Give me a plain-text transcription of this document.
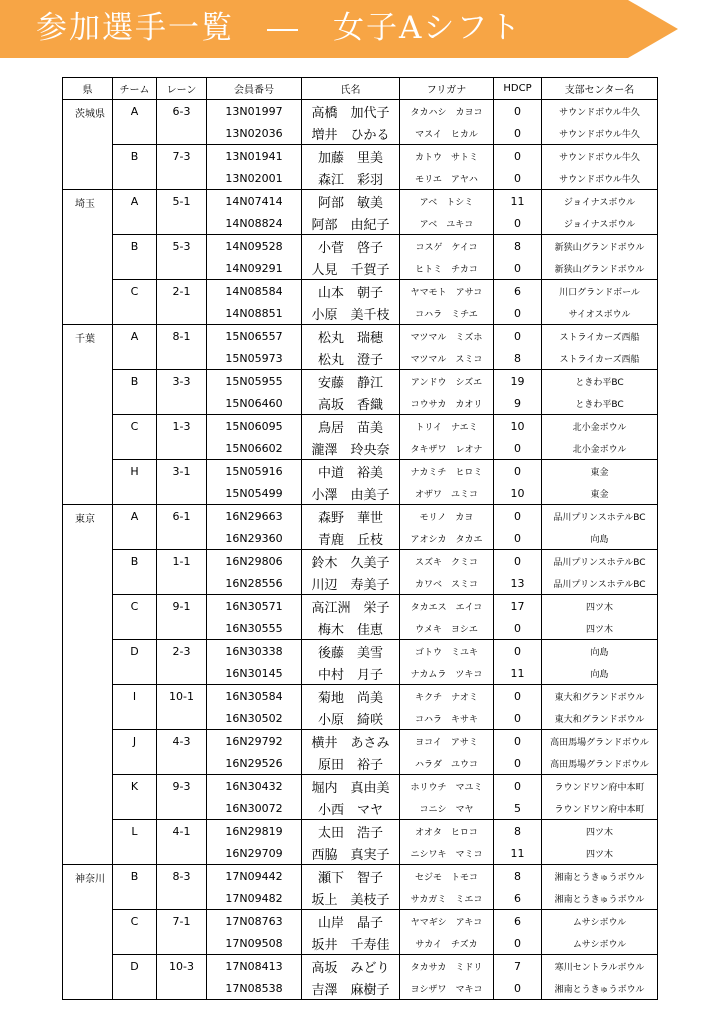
参加選手一覧　―　女子Aシフト
県	チーム	レーン	会員番号	氏名	フリガナ	HDCP	支部センター名
茨城県	A	6-3	13N01997	高橋　加代子	タカハシ　カヨコ	0	サウンドボウル牛久
			13N02036	増井　ひかる	マスイ　ヒカル	0	サウンドボウル牛久
	B	7-3	13N01941	加藤　里美	カトウ　サトミ	0	サウンドボウル牛久
			13N02001	森江　彩羽	モリエ　アヤハ	0	サウンドボウル牛久
埼玉	A	5-1	14N07414	阿部　敏美	アベ　トシミ	11	ジョイナスボウル
			14N08824	阿部　由紀子	アベ　ユキコ	0	ジョイナスボウル
	B	5-3	14N09528	小菅　啓子	コスゲ　ケイコ	8	新狭山グランドボウル
			14N09291	人見　千賀子	ヒトミ　チカコ	0	新狭山グランドボウル
	C	2-1	14N08584	山本　朝子	ヤマモト　アサコ	6	川口グランドボール
			14N08851	小原　美千枝	コハラ　ミチエ	0	サイオスボウル
千葉	A	8-1	15N06557	松丸　瑞穂	マツマル　ミズホ	0	ストライカーズ西船
			15N05973	松丸　澄子	マツマル　スミコ	8	ストライカーズ西船
	B	3-3	15N05955	安藤　静江	アンドウ　シズエ	19	ときわ平BC
			15N06460	高坂　香織	コウサカ　カオリ	9	ときわ平BC
	C	1-3	15N06095	鳥居　苗美	トリイ　ナエミ	10	北小金ボウル
			15N06602	瀧澤　玲央奈	タキザワ　レオナ	0	北小金ボウル
	H	3-1	15N05916	中道　裕美	ナカミチ　ヒロミ	0	東金
			15N05499	小澤　由美子	オザワ　ユミコ	10	東金
東京	A	6-1	16N29663	森野　華世	モリノ　カヨ	0	品川プリンスホテルBC
			16N29360	青鹿　丘枝	アオシカ　タカエ	0	向島
	B	1-1	16N29806	鈴木　久美子	スズキ　クミコ	0	品川プリンスホテルBC
			16N28556	川辺　寿美子	カワベ　スミコ	13	品川プリンスホテルBC
	C	9-1	16N30571	高江洲　栄子	タカエス　エイコ	17	四ツ木
			16N30555	梅木　佳恵	ウメキ　ヨシエ	0	四ツ木
	D	2-3	16N30338	後藤　美雪	ゴトウ　ミユキ	0	向島
			16N30145	中村　月子	ナカムラ　ツキコ	11	向島
	I	10-1	16N30584	菊地　尚美	キクチ　ナオミ	0	東大和グランドボウル
			16N30502	小原　綺咲	コハラ　キサキ	0	東大和グランドボウル
	J	4-3	16N29792	横井　あさみ	ヨコイ　アサミ	0	高田馬場グランドボウル
			16N29526	原田　裕子	ハラダ　ユウコ	0	高田馬場グランドボウル
	K	9-3	16N30432	堀内　真由美	ホリウチ　マユミ	0	ラウンドワン府中本町
			16N30072	小西　マヤ	コニシ　マヤ	5	ラウンドワン府中本町
	L	4-1	16N29819	太田　浩子	オオタ　ヒロコ	8	四ツ木
			16N29709	西脇　真実子	ニシワキ　マミコ	11	四ツ木
神奈川	B	8-3	17N09442	瀬下　智子	セジモ　トモコ	8	湘南とうきゅうボウル
			17N09482	坂上　美枝子	サカガミ　ミエコ	6	湘南とうきゅうボウル
	C	7-1	17N08763	山岸　晶子	ヤマギシ　アキコ	6	ムサシボウル
			17N09508	坂井　千寿佳	サカイ　チズカ	0	ムサシボウル
	D	10-3	17N08413	高坂　みどり	タカサカ　ミドリ	7	寒川セントラルボウル
			17N08538	吉澤　麻樹子	ヨシザワ　マキコ	0	湘南とうきゅうボウル
